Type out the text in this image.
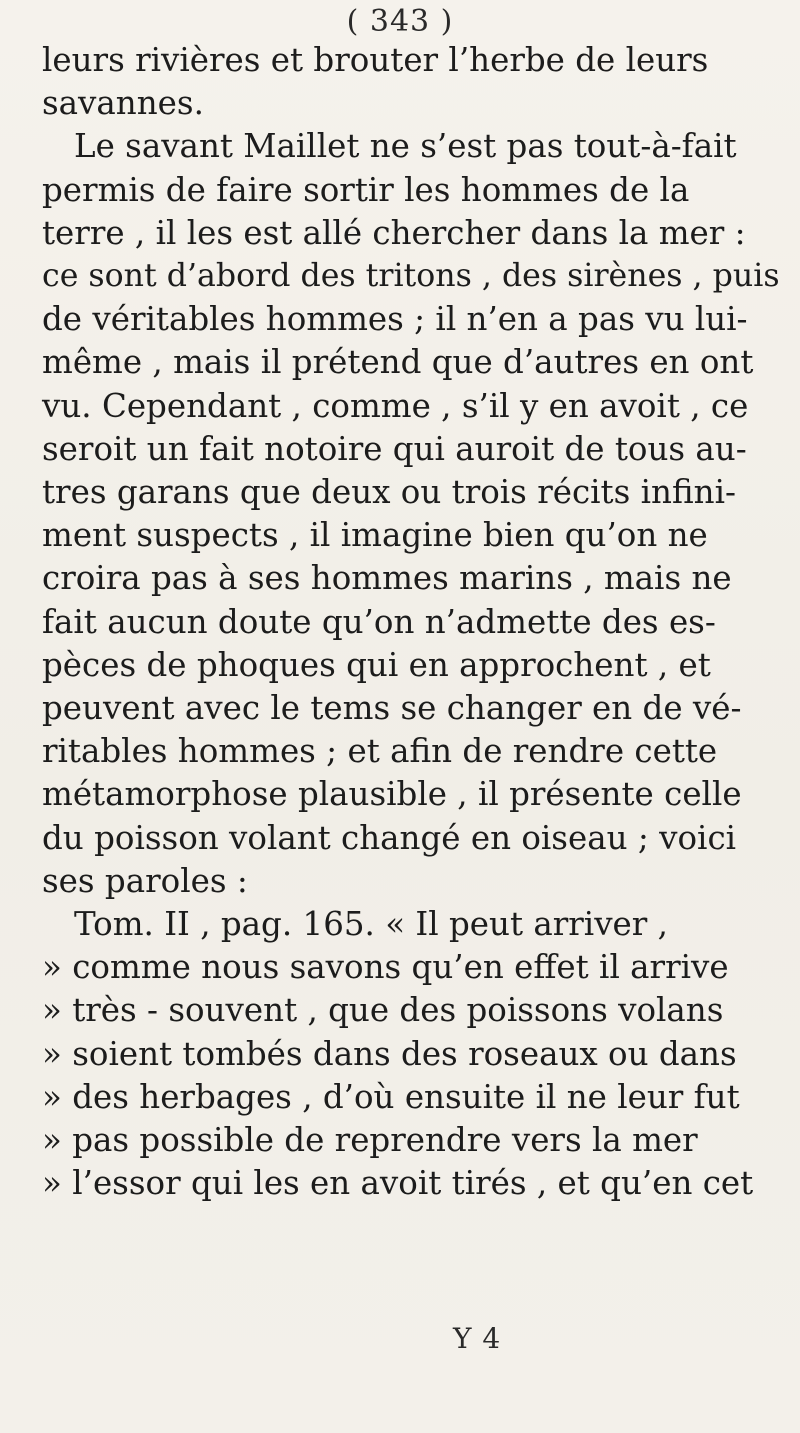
( 343 )
leurs rivières et brouter l’herbe de leurs
savannes.
Le savant Maillet ne s’est pas tout-à-fait
permis de faire sortir les hommes de la
terre , il les est allé chercher dans la mer :
ce sont d’abord des tritons , des sirènes , puis
de véritables hommes ; il n’en a pas vu lui-
même , mais il prétend que d’autres en ont
vu. Cependant , comme , s’il y en avoit , ce
seroit un fait notoire qui auroit de tous au-
tres garans que deux ou trois récits infini-
ment suspects , il imagine bien qu’on ne
croira pas à ses hommes marins , mais ne
fait aucun doute qu’on n’admette des es-
pèces de phoques qui en approchent , et
peuvent avec le tems se changer en de vé-
ritables hommes ; et afin de rendre cette
métamorphose plausible , il présente celle
du poisson volant changé en oiseau ; voici
ses paroles :
Tom. II , pag. 165. « Il peut arriver ,
» comme nous savons qu’en effet il arrive
» très - souvent , que des poissons volans
» soient tombés dans des roseaux ou dans
» des herbages , d’où ensuite il ne leur fut
» pas possible de reprendre vers la mer
» l’essor qui les en avoit tirés , et qu’en cet
Y 4
